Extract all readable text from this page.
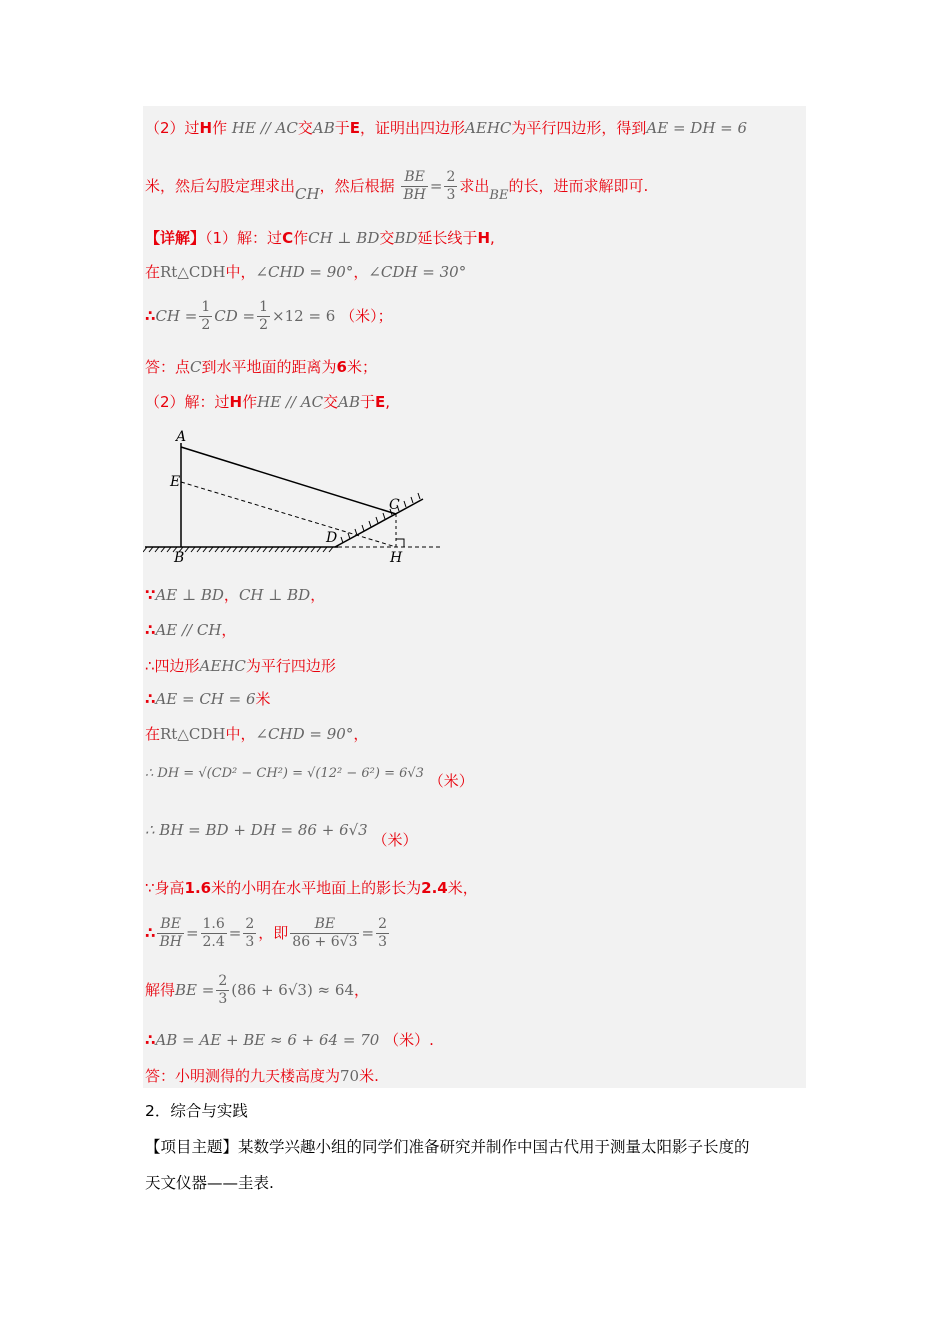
（2）过H作 HE // AC交AB于E，证明出四边形AEHC为平行四边形，得到AE = DH = 6
米，然后勾股定理求出CH，然后根据 $\frac{BE}{BH} = \frac{2}{3}$ 求出BE的长，进而求解即可.
【详解】（1）解：过C作CH ⊥ BD交BD延长线于H,
在Rt△CDH中，∠CHD = 90°，∠CDH = 30°
∴CH = $\frac{1}{2}$ CD = $\frac{1}{2} \times 12 = 6$ （米）；
答：点C到水平地面的距离为6米；
（2）解：过H作HE // AC交AB于E,
A
E
C
D
B	H
∵AE ⊥ BD，CH ⊥ BD，
∴AE // CH，
∴四边形AEHC为平行四边形
∴AE = CH = 6米
在Rt△CDH中，∠CHD = 90°，
∴ DH = √(CD² − CH²) = √(12² − 6²) = 6√3 （米）
∴ BH = BD + DH = 86 + 6√3 （米）
∵身高1.6米的小明在水平地面上的影长为2.4米，
∴ $\frac{BE}{BH} = \frac{1.6}{2.4} = \frac{2}{3}$ ，即 $\frac{BE}{86 + 6√3} = \frac{2}{3}$
解得BE = $\frac{2}{3} (86 + 6√3) \approx 64$，
∴AB = AE + BE ≈ 6 + 64 = 70 （米）.
答：小明测得的九天楼高度为70米.
2．综合与实践
【项目主题】某数学兴趣小组的同学们准备研究并制作中国古代用于测量太阳影子长度的
天文仪器——圭表.
